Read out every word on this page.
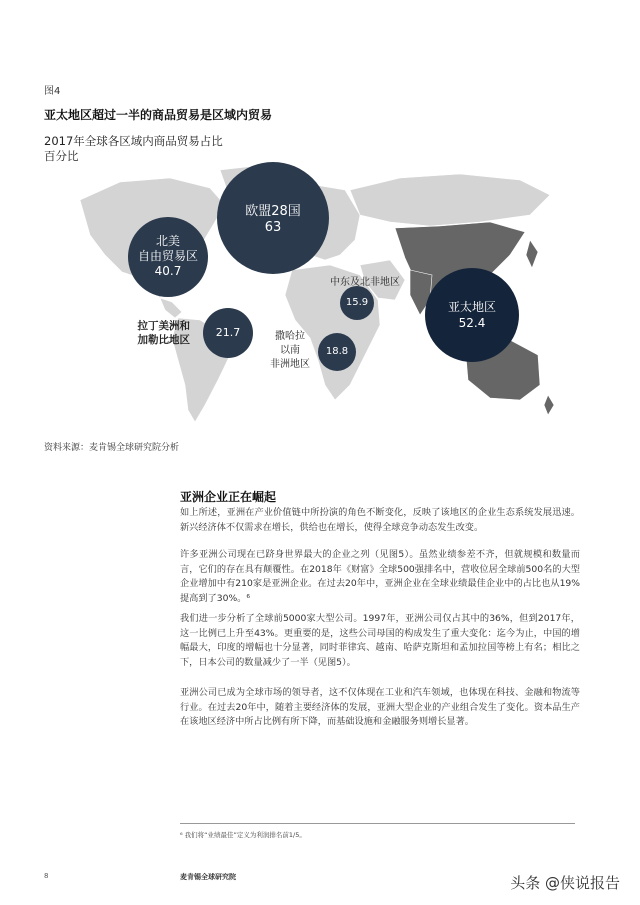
图4
亚太地区超过一半的商品贸易是区域内贸易
2017年全球各区域内商品贸易占比
百分比
欧盟28国
63
北美
自由贸易区
40.7
21.7
15.9
18.8
亚太地区
52.4
拉丁美洲和
加勒比地区
中东及北非地区
撒哈拉
以南
非洲地区
资料来源：麦肯锡全球研究院分析
亚洲企业正在崛起
如上所述，亚洲在产业价值链中所扮演的角色不断变化，反映了该地区的企业生态系统发展迅速。新兴经济体不仅需求在增长，供给也在增长，使得全球竞争动态发生改变。
许多亚洲公司现在已跻身世界最大的企业之列（见图5）。虽然业绩参差不齐，但就规模和数量而言，它们的存在具有颠覆性。在2018年《财富》全球500强排名中，营收位居全球前500名的大型企业增加中有210家是亚洲企业。在过去20年中，亚洲企业在全球业绩最佳企业中的占比也从19%提高到了30%。⁶
我们进一步分析了全球前5000家大型公司。1997年，亚洲公司仅占其中的36%，但到2017年，这一比例已上升至43%。更重要的是，这些公司母国的构成发生了重大变化：迄今为止，中国的增幅最大，印度的增幅也十分显著，同时菲律宾、越南、哈萨克斯坦和孟加拉国等榜上有名；相比之下，日本公司的数量减少了一半（见图5）。
亚洲公司已成为全球市场的领导者，这不仅体现在工业和汽车领域，也体现在科技、金融和物流等行业。在过去20年中，随着主要经济体的发展，亚洲大型企业的产业组合发生了变化。资本品生产在该地区经济中所占比例有所下降，而基础设施和金融服务则增长显著。
⁶ 我们将“业绩最佳”定义为利润排名前1/5。
8	麦肯锡全球研究院	头条 @侠说报告
